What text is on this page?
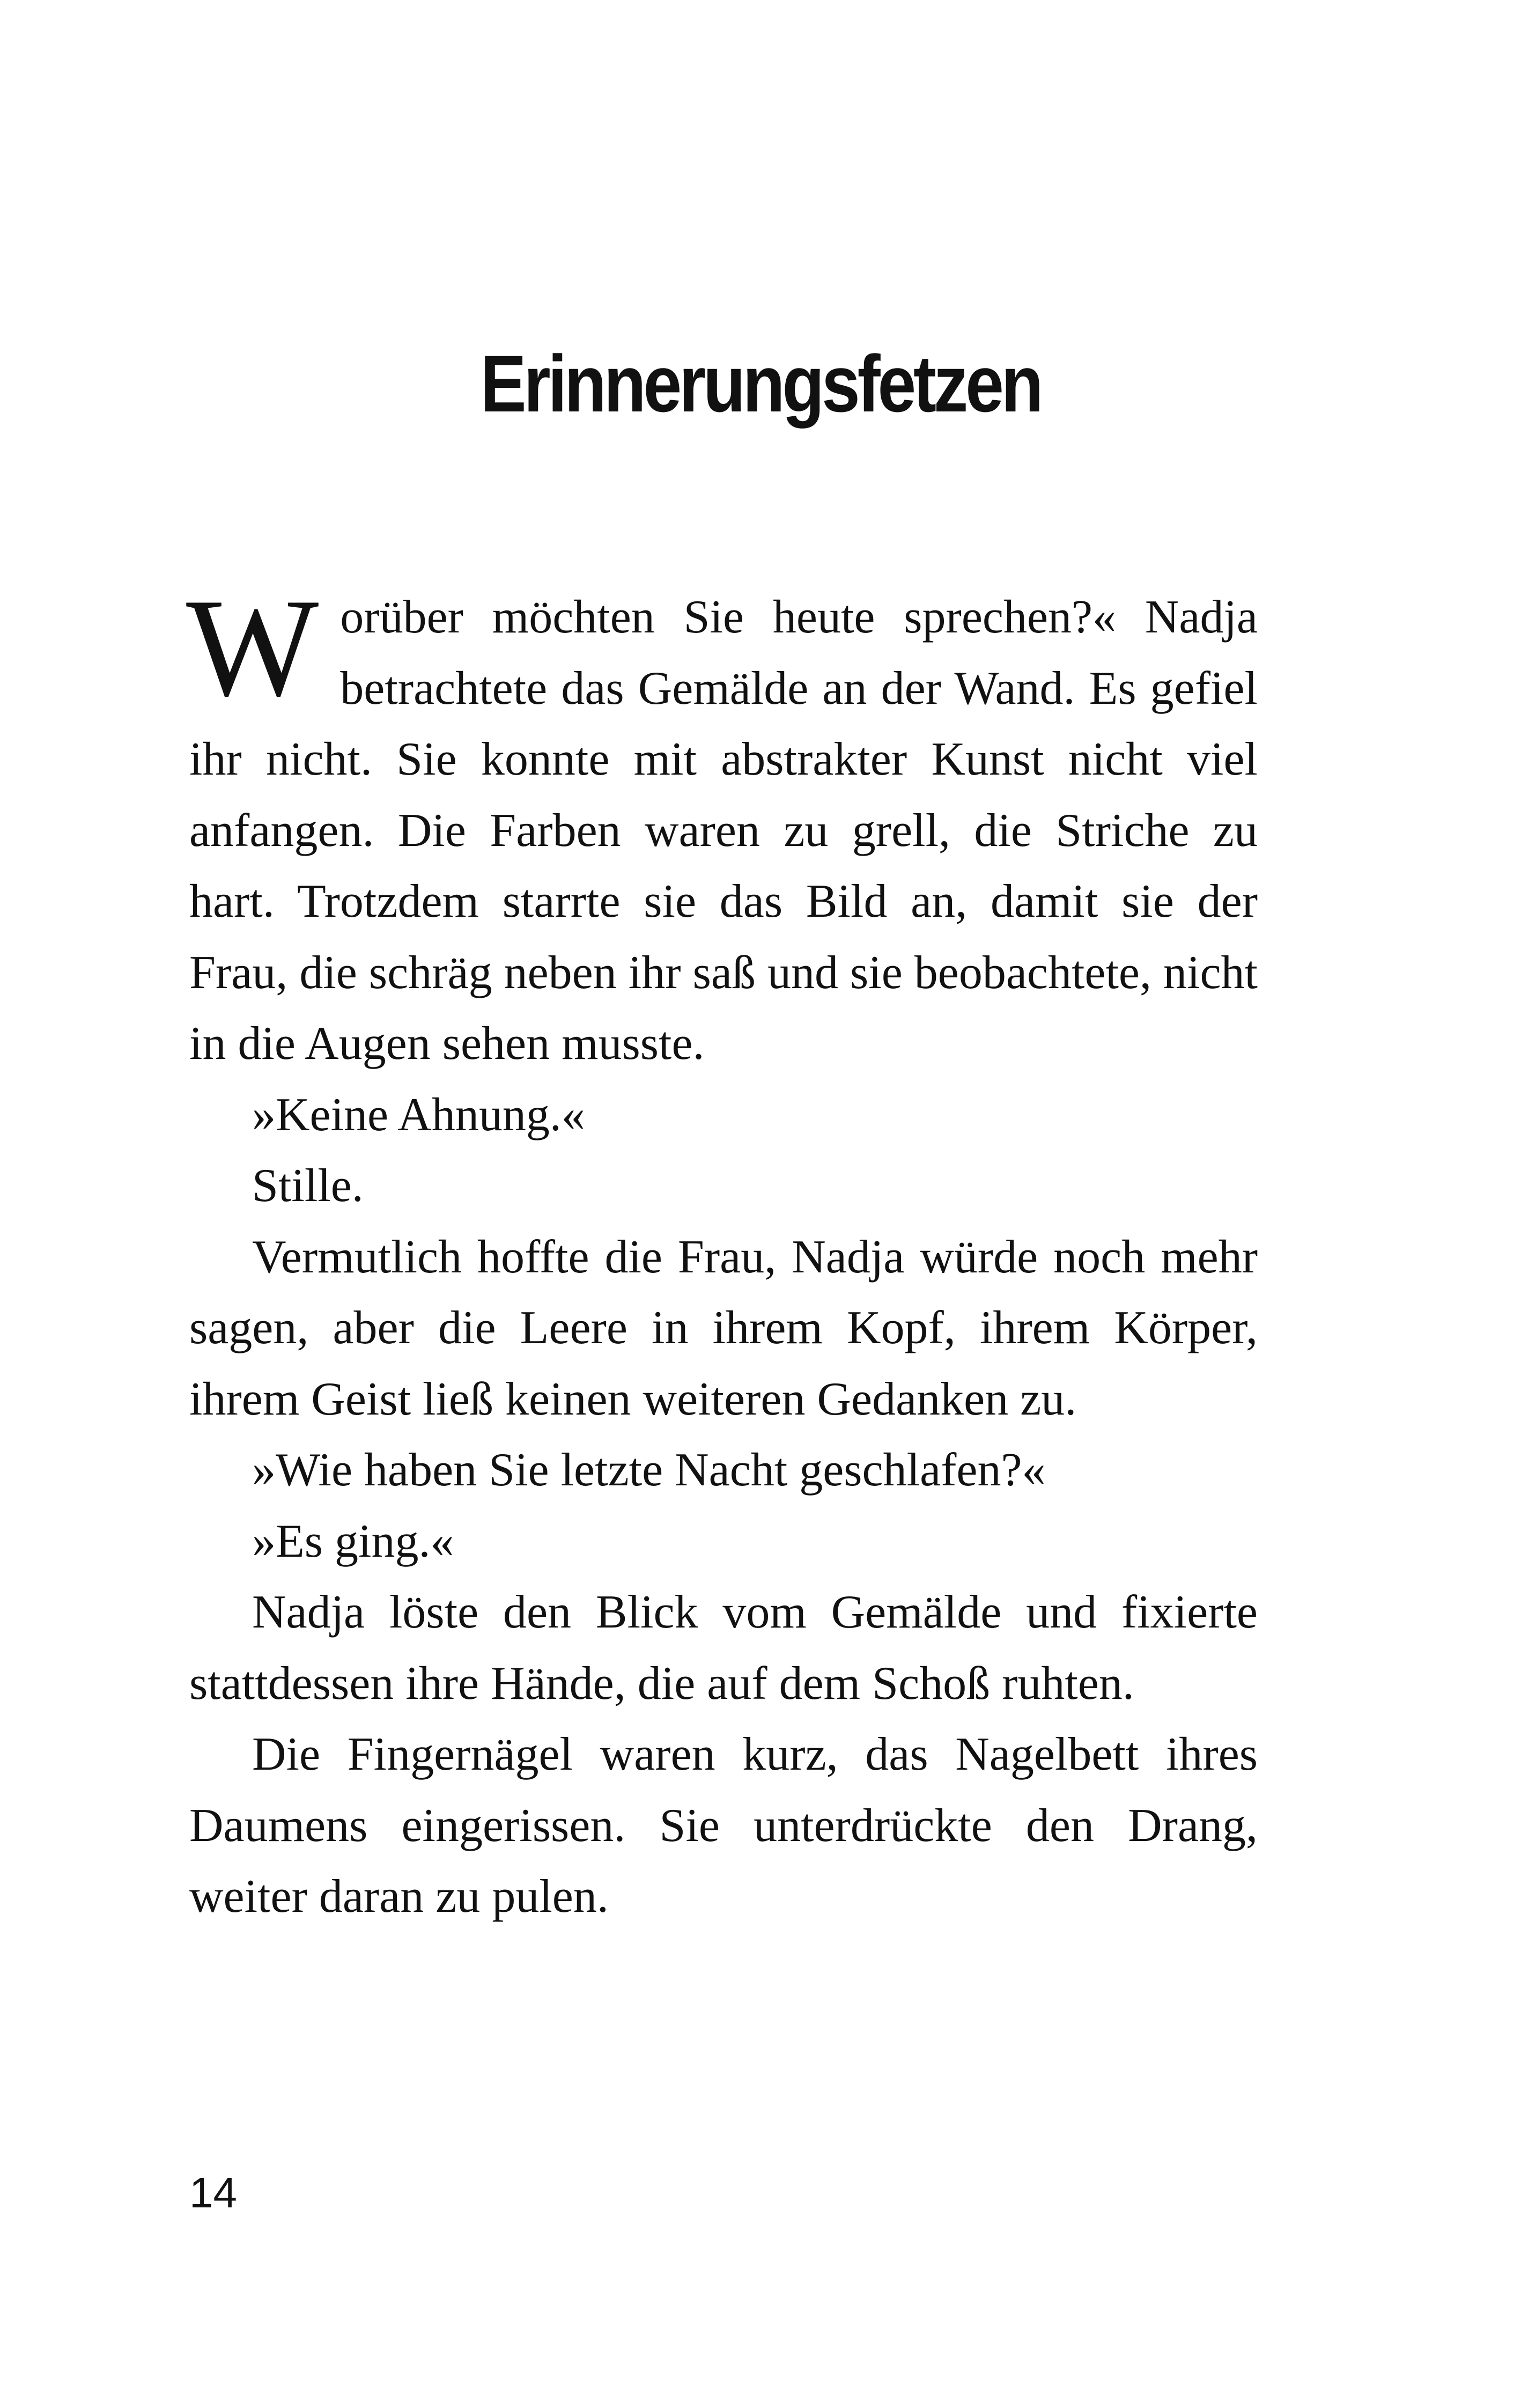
Erinnerungsfetzen

Worüber möchten Sie heute sprechen?« Nadja betrachtete das Gemälde an der Wand. Es gefiel ihr nicht. Sie konnte mit abstrakter Kunst nicht viel anfangen. Die Farben waren zu grell, die Striche zu hart. Trotzdem starrte sie das Bild an, damit sie der Frau, die schräg neben ihr saß und sie beobachtete, nicht in die Augen sehen musste.

»Keine Ahnung.«

Stille.

Vermutlich hoffte die Frau, Nadja würde noch mehr sagen, aber die Leere in ihrem Kopf, ihrem Körper, ihrem Geist ließ keinen weiteren Gedanken zu.

»Wie haben Sie letzte Nacht geschlafen?«

»Es ging.«

Nadja löste den Blick vom Gemälde und fixierte stattdessen ihre Hände, die auf dem Schoß ruhten.

Die Fingernägel waren kurz, das Nagelbett ihres Daumens eingerissen. Sie unterdrückte den Drang, weiter daran zu pulen.

14
